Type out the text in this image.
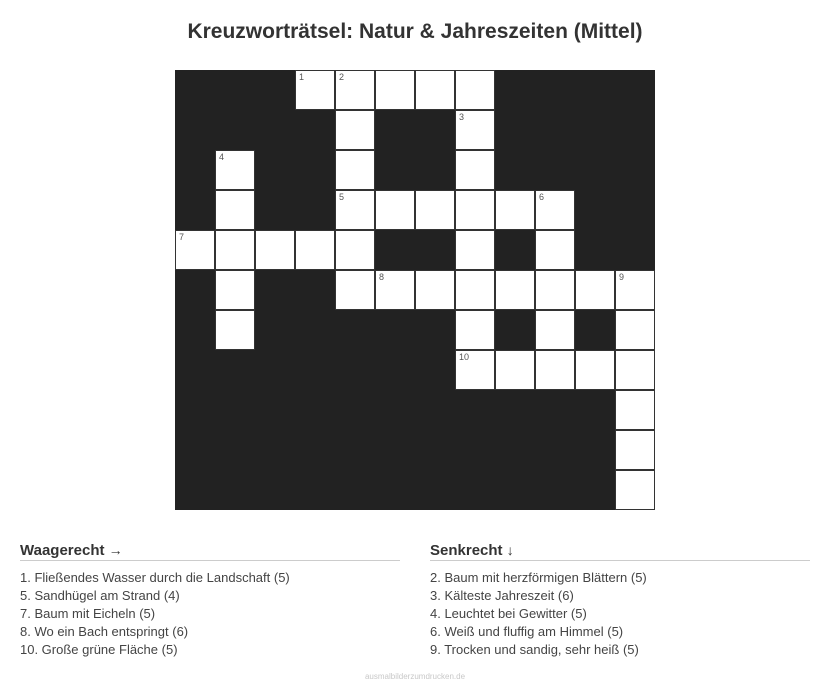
Kreuzworträtsel: Natur & Jahreszeiten (Mittel)
1	2
3
4
5	6
7
8	9
10
Waagerecht →
1. Fließendes Wasser durch die Landschaft (5)
5. Sandhügel am Strand (4)
7. Baum mit Eicheln (5)
8. Wo ein Bach entspringt (6)
10. Große grüne Fläche (5)
Senkrecht ↓
2. Baum mit herzförmigen Blättern (5)
3. Kälteste Jahreszeit (6)
4. Leuchtet bei Gewitter (5)
6. Weiß und fluffig am Himmel (5)
9. Trocken und sandig, sehr heiß (5)
ausmalbilderzumdrucken.de
